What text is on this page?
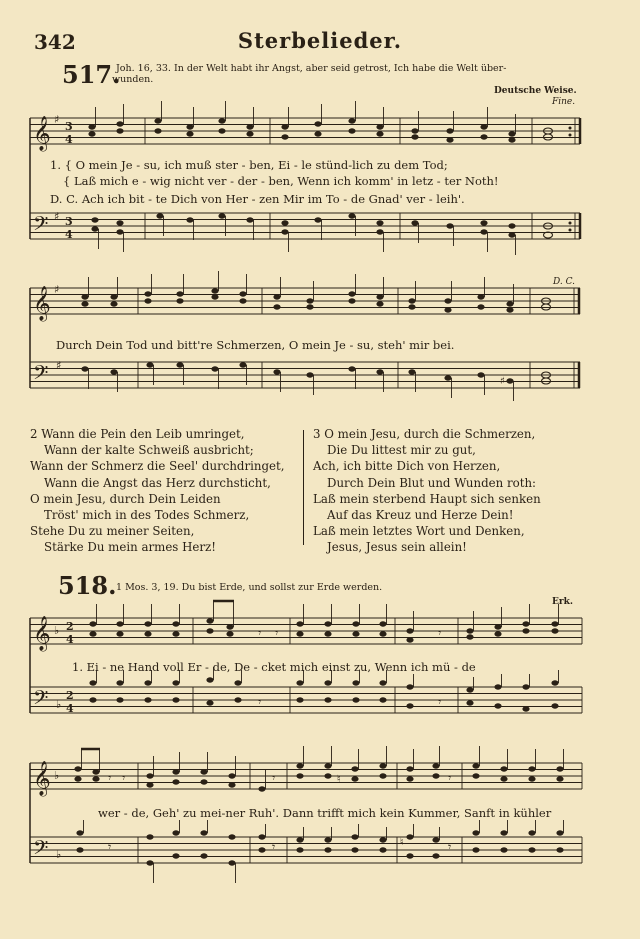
342	Sterbelieder.
517.
Joh. 16, 33. In der Welt habt ihr Angst, aber seid getrost, Ich habe die Welt über-
wunden.
Deutsche Weise.
Fine.
𝄞
𝄢
3
4
3
4
♯
♯
1. { O mein Je - su, ich muß ster - ben, Ei - le stünd-lich zu dem Tod;
{ Laß mich e - wig nicht ver - der - ben, Wenn ich komm' in letz - ter Noth!
D. C. Ach ich bit - te Dich von Her - zen Mir im To - de Gnad' ver - leih'.
D. C.
𝄞
𝄢
♯
♯
♯
Durch Dein Tod und bitt're Schmerzen, O mein Je - su, steh' mir bei.
2 Wann die Pein den Leib umringet,
Wann der kalte Schweiß ausbricht;
Wann der Schmerz die Seel' durchdringet,
Wann die Angst das Herz durchsticht,
O mein Jesu, durch Dein Leiden
Tröst' mich in des Todes Schmerz,
Stehe Du zu meiner Seiten,
Stärke Du mein armes Herz!
3 O mein Jesu, durch die Schmerzen,
Die Du littest mir zu gut,
Ach, ich bitte Dich von Herzen,
Durch Dein Blut und Wunden roth:
Laß mein sterbend Haupt sich senken
Auf das Kreuz und Herze Dein!
Laß mein letztes Wort und Denken,
Jesus, Jesus sein allein!
518. 1 Mos. 3, 19. Du bist Erde, und sollst zur Erde werden.
Erk.
𝄞
𝄢
♭
♭
2
4
2
4
𝄾 𝄾	𝄾
𝄾	𝄾
1. Ei - ne Hand voll Er - de, De - cket mich einst zu, Wenn ich mü - de
𝄞
𝄢
♭
♭
♮
♮
𝄾 𝄾	𝄾	𝄾
𝄾	𝄾	𝄾
wer - de, Geh' zu mei-ner Ruh'. Dann trifft mich kein Kummer, Sanft in kühler
